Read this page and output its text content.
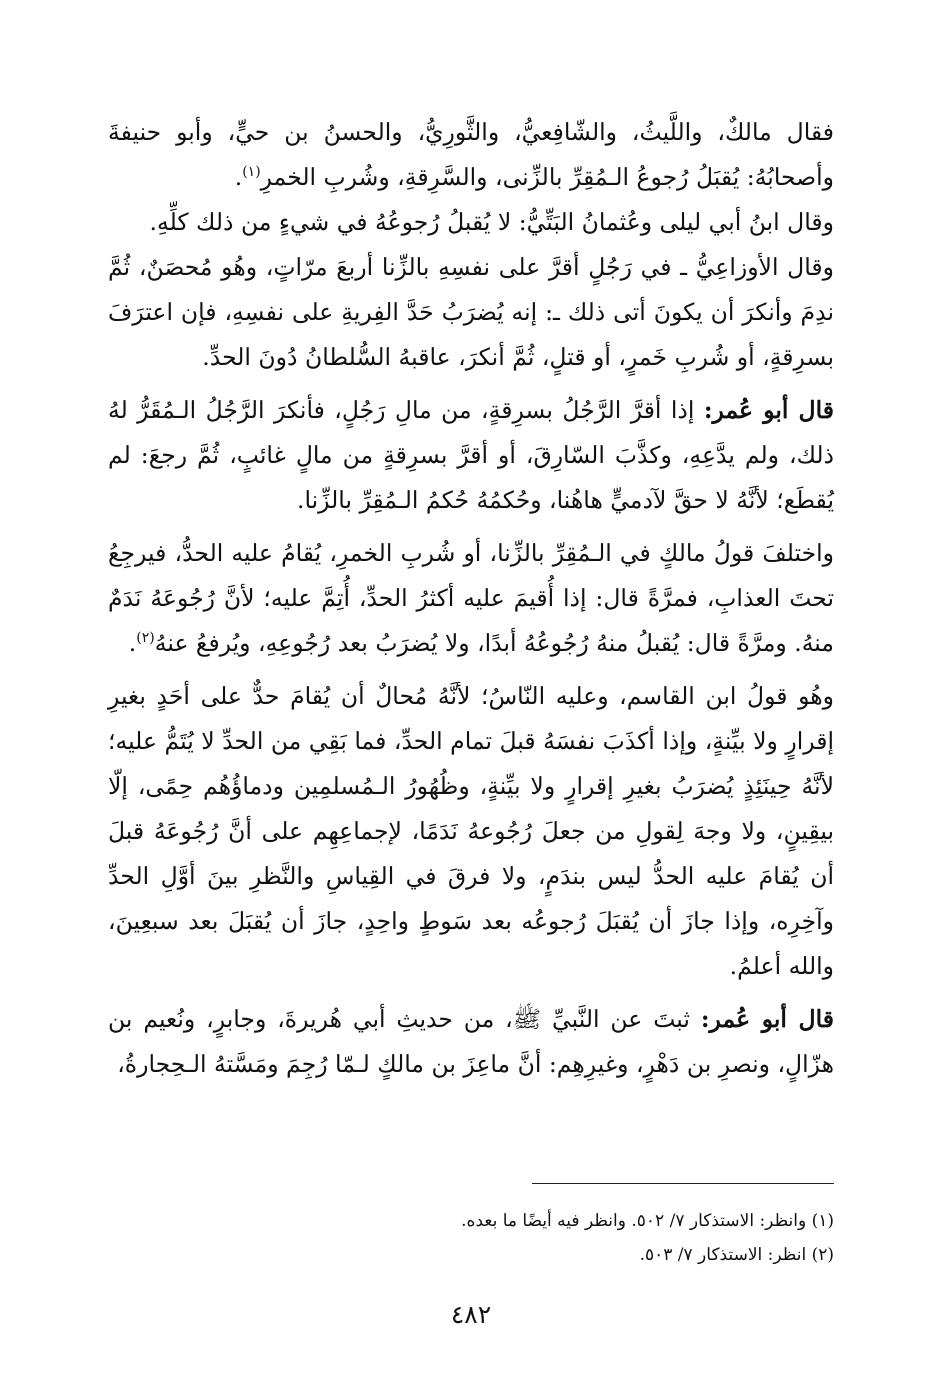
فقال مالكٌ، واللَّيثُ، والشّافِعيُّ، والثَّورِيُّ، والحسنُ بن حيٍّ، وأبو حنيفةَ وأصحابُهُ: يُقبَلُ رُجوعُ الـمُقِرِّ بالزِّنى، والسَّرِقةِ، وشُربِ الخمرِ$^{(١)}$.

وقال ابنُ أبي ليلى وعُثمانُ البَتِّيُّ: لا يُقبلُ رُجوعُهُ في شيءٍ من ذلك كلِّهِ.

وقال الأوزاعِيُّ ـ في رَجُلٍ أقرَّ على نفسِهِ بالزِّنا أربعَ مرّاتٍ، وهُو مُحصَنٌ، ثُمَّ ندِمَ وأنكرَ أن يكونَ أتى ذلك ـ: إنه يُضرَبُ حَدَّ الفِريةِ على نفسِهِ، فإن اعترَفَ بسرِقةٍ، أو شُربِ خَمرٍ، أو قتلٍ، ثُمَّ أنكرَ، عاقبهُ السُّلطانُ دُونَ الحدِّ.

قال أبو عُمر: إذا أقرَّ الرَّجُلُ بسرِقةٍ، من مالِ رَجُلٍ، فأنكرَ الرَّجُلُ الـمُقَرُّ لهُ ذلك، ولم يدَّعِهِ، وكذَّبَ السّارِقَ، أو أقرَّ بسرِقةٍ من مالٍ غائبٍ، ثُمَّ رجعَ: لم يُقطَع؛ لأنَّهُ لا حقَّ لآدميٍّ هاهُنا، وحُكمُهُ حُكمُ الـمُقِرِّ بالزِّنا.

واختلفَ قولُ مالكٍ في الـمُقِرِّ بالزِّنا، أو شُربِ الخمرِ، يُقامُ عليه الحدُّ، فيرجِعُ تحتَ العذابِ، فمرَّةً قال: إذا أُقيمَ عليه أكثرُ الحدِّ، أُتِمَّ عليه؛ لأنَّ رُجُوعَهُ نَدَمٌ منهُ. ومرَّةً قال: يُقبلُ منهُ رُجُوعُهُ أبدًا، ولا يُضرَبُ بعد رُجُوعِهِ، ويُرفعُ عنهُ$^{(٢)}$.

وهُو قولُ ابن القاسم، وعليه النّاسُ؛ لأنَّهُ مُحالٌ أن يُقامَ حدٌّ على أحَدٍ بغيرِ إقرارٍ ولا بيِّنةٍ، وإذا أكذَبَ نفسَهُ قبلَ تمام الحدِّ، فما بَقِي من الحدِّ لا يُتَمُّ عليه؛ لأنَّهُ حِينَئِذٍ يُضرَبُ بغيرِ إقرارٍ ولا بيِّنةٍ، وظُهُورُ الـمُسلمِين ودماؤُهُم حِمًى، إلّا بيقِينٍ، ولا وجهَ لِقولِ من جعلَ رُجُوعهُ نَدَمًا، لإجماعِهِم على أنَّ رُجُوعَهُ قبلَ أن يُقامَ عليه الحدُّ ليس بندَمٍ، ولا فرقَ في القِياسِ والنَّظرِ بينَ أوَّلِ الحدِّ وآخِرِه، وإذا جازَ أن يُقبَلَ رُجوعُه بعد سَوطٍ واحِدٍ، جازَ أن يُقبَلَ بعد سبعِينَ، والله أعلمُ.

قال أبو عُمر: ثبتَ عن النَّبيِّ ﷺ، من حديثِ أبي هُريرةَ، وجابرٍ، ونُعيم بن هزّالٍ، ونصرِ بن دَهْرٍ، وغيرِهِم: أنَّ ماعِزَ بن مالكٍ لـمّا رُجِمَ ومَسَّتهُ الـحِجارةُ،

(١) وانظر: الاستذكار ٧/ ٥٠٢. وانظر فيه أيضًا ما بعده.

(٢) انظر: الاستذكار ٧/ ٥٠٣.

٤٨٢
